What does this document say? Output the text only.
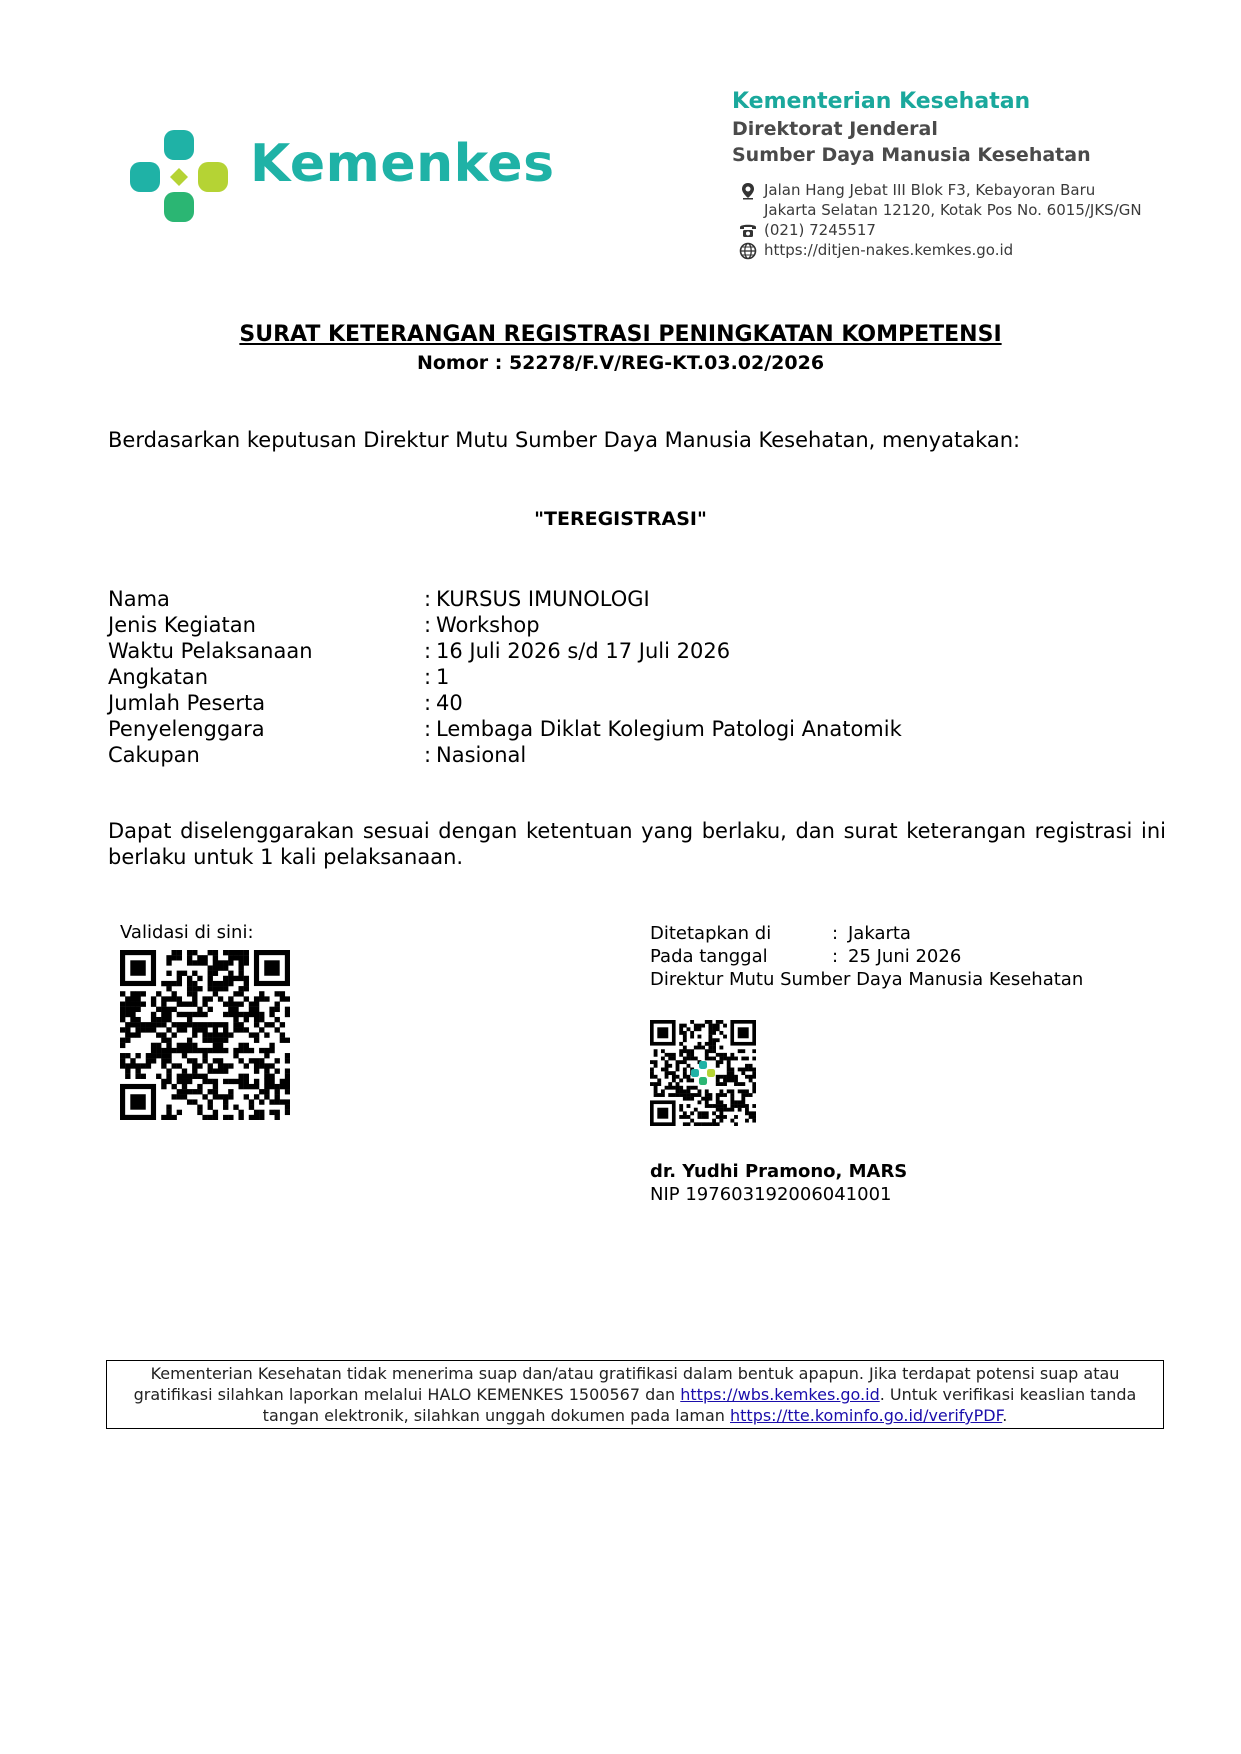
Kemenkes
Kementerian Kesehatan
Direktorat Jenderal
Sumber Daya Manusia Kesehatan
Jalan Hang Jebat III Blok F3, Kebayoran Baru
Jakarta Selatan 12120, Kotak Pos No. 6015/JKS/GN
(021) 7245517
https://ditjen-nakes.kemkes.go.id
SURAT KETERANGAN REGISTRASI PENINGKATAN KOMPETENSI
Nomor : 52278/F.V/REG-KT.03.02/2026
Berdasarkan keputusan Direktur Mutu Sumber Daya Manusia Kesehatan, menyatakan:
"TEREGISTRASI"
Nama	: KURSUS IMUNOLOGI
Jenis Kegiatan	: Workshop
Waktu Pelaksanaan	: 16 Juli 2026 s/d 17 Juli 2026
Angkatan	: 1
Jumlah Peserta	: 40
Penyelenggara	: Lembaga Diklat Kolegium Patologi Anatomik
Cakupan	: Nasional
Dapat diselenggarakan sesuai dengan ketentuan yang berlaku, dan surat keterangan registrasi ini berlaku untuk 1 kali pelaksanaan.
Validasi di sini:	Ditetapkan di	: Jakarta
Pada tanggal	: 25 Juni 2026
Direktur Mutu Sumber Daya Manusia Kesehatan
dr. Yudhi Pramono, MARS
NIP 197603192006041001
Kementerian Kesehatan tidak menerima suap dan/atau gratifikasi dalam bentuk apapun. Jika terdapat potensi suap atau gratifikasi silahkan laporkan melalui HALO KEMENKES 1500567 dan https://wbs.kemkes.go.id. Untuk verifikasi keaslian tanda tangan elektronik, silahkan unggah dokumen pada laman https://tte.kominfo.go.id/verifyPDF.
